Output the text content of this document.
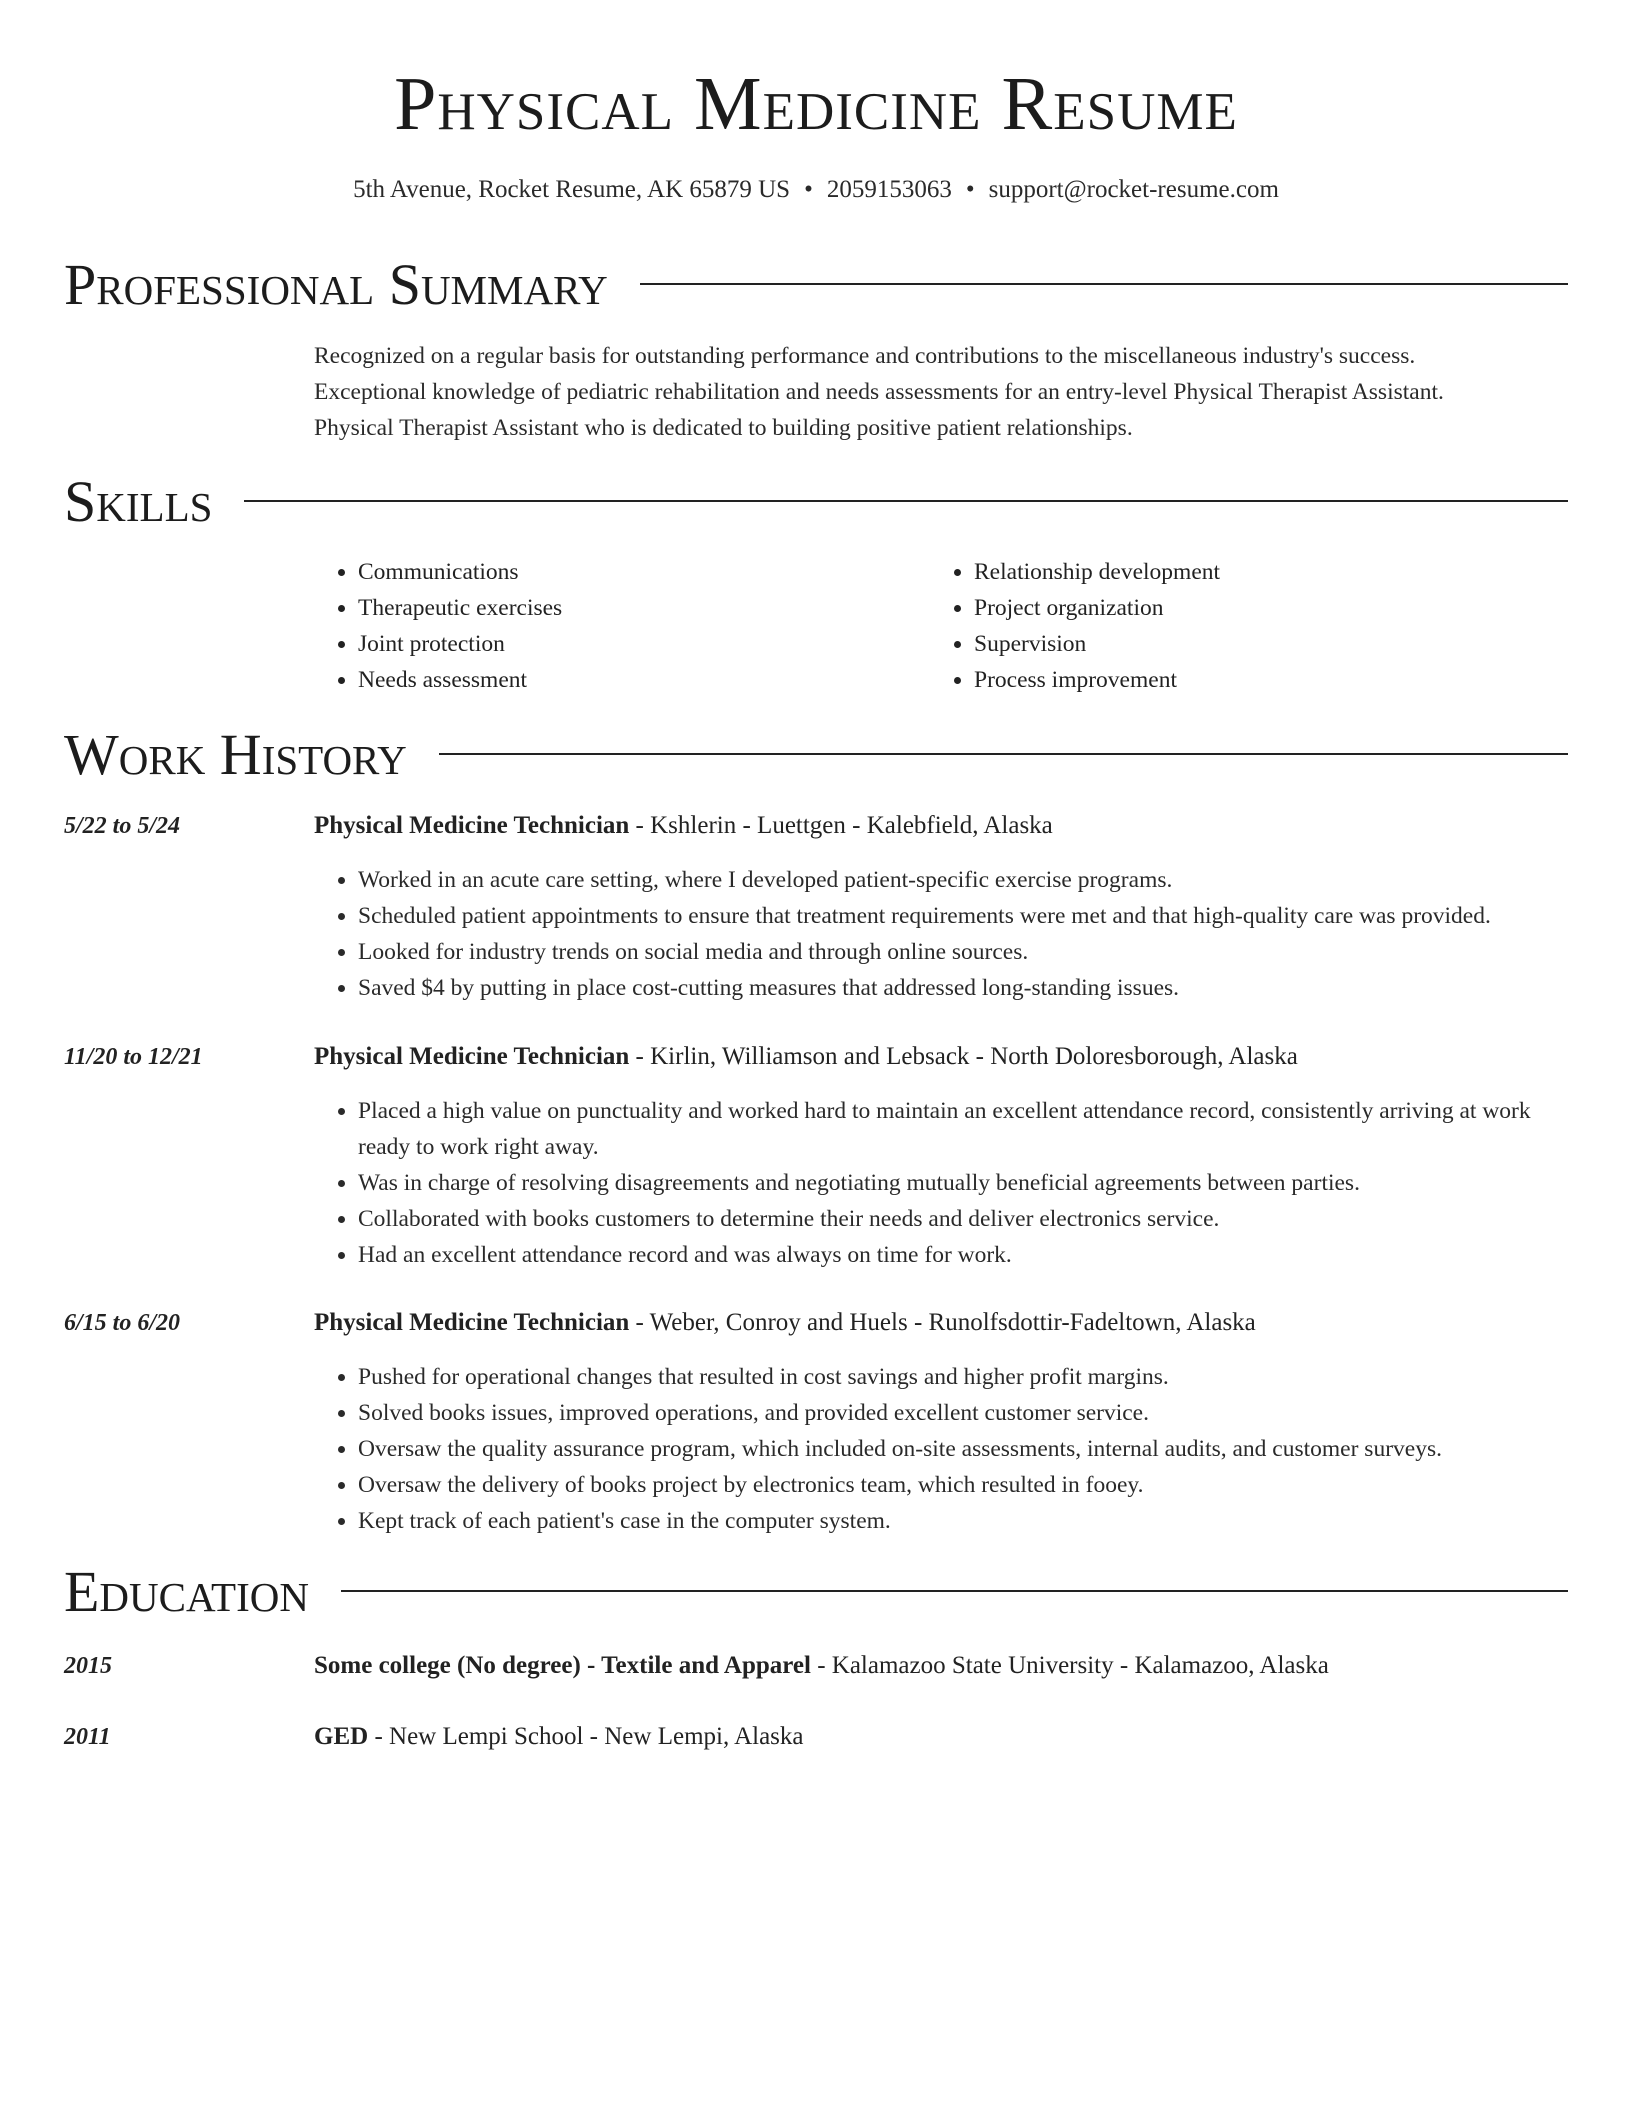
Physical Medicine Resume
5th Avenue, Rocket Resume, AK 65879 US • 2059153063 • support@rocket-resume.com
Professional Summary

Recognized on a regular basis for outstanding performance and contributions to the miscellaneous industry's success.

Exceptional knowledge of pediatric rehabilitation and needs assessments for an entry-level Physical Therapist Assistant.

Physical Therapist Assistant who is dedicated to building positive patient relationships.

Skills
• Communications
• Therapeutic exercises
• Joint protection
• Needs assessment
• Relationship development
• Project organization
• Supervision
• Process improvement
Work History
5/22 to 5/24	Physical Medicine Technician - Kshlerin - Luettgen - Kalebfield, Alaska
• Worked in an acute care setting, where I developed patient-specific exercise programs.
• Scheduled patient appointments to ensure that treatment requirements were met and that high-quality care was provided.
• Looked for industry trends on social media and through online sources.
• Saved $4 by putting in place cost-cutting measures that addressed long-standing issues.
11/20 to 12/21	Physical Medicine Technician - Kirlin, Williamson and Lebsack - North Doloresborough, Alaska
• Placed a high value on punctuality and worked hard to maintain an excellent attendance record, consistently arriving at work ready to work right away.
• Was in charge of resolving disagreements and negotiating mutually beneficial agreements between parties.
• Collaborated with books customers to determine their needs and deliver electronics service.
• Had an excellent attendance record and was always on time for work.
6/15 to 6/20	Physical Medicine Technician - Weber, Conroy and Huels - Runolfsdottir-Fadeltown, Alaska
• Pushed for operational changes that resulted in cost savings and higher profit margins.
• Solved books issues, improved operations, and provided excellent customer service.
• Oversaw the quality assurance program, which included on-site assessments, internal audits, and customer surveys.
• Oversaw the delivery of books project by electronics team, which resulted in fooey.
• Kept track of each patient's case in the computer system.
Education
2015	Some college (No degree) - Textile and Apparel - Kalamazoo State University - Kalamazoo, Alaska
2011	GED - New Lempi School - New Lempi, Alaska
